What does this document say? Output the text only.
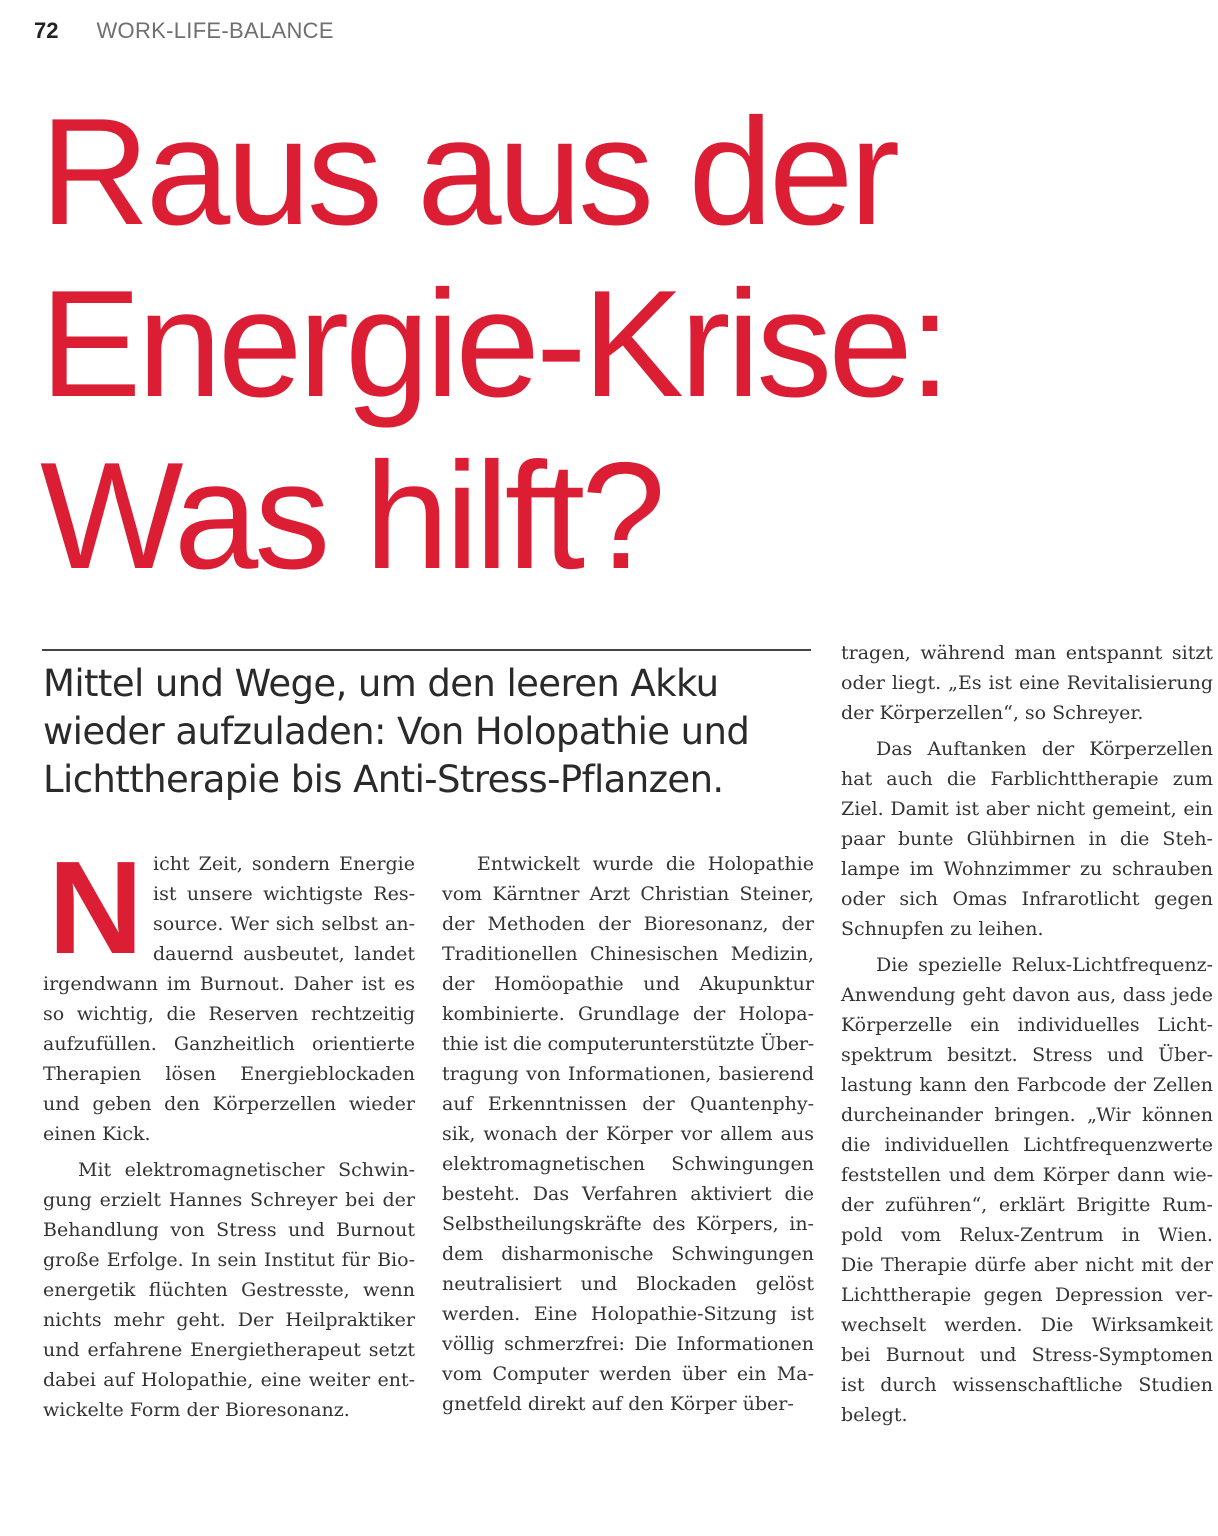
72 WORK-LIFE-BALANCE
Raus aus der
Energie-Krise:
Was hilft?
Mittel und Wege, um den leeren Akku
wieder aufzuladen: Von Holopathie und
Lichttherapie bis Anti-Stress-Pflanzen.
N icht Zeit, sondern Energie
ist unsere wichtigste Res-
source. Wer sich selbst an-
dauernd ausbeutet, landet
irgendwann im Burnout. Daher ist es
so wichtig, die Reserven rechtzeitig
aufzufüllen. Ganzheitlich orientierte
Therapien lösen Energieblockaden
und geben den Körperzellen wieder
einen Kick.
Mit elektromagnetischer Schwin-
gung erzielt Hannes Schreyer bei der
Behandlung von Stress und Burnout
große Erfolge. In sein Institut für Bio-
energetik flüchten Gestresste, wenn
nichts mehr geht. Der Heilpraktiker
und erfahrene Energietherapeut setzt
dabei auf Holopathie, eine weiter ent-
wickelte Form der Bioresonanz.
Entwickelt wurde die Holopathie
vom Kärntner Arzt Christian Steiner,
der Methoden der Bioresonanz, der
Traditionellen Chinesischen Medizin,
der Homöopathie und Akupunktur
kombinierte. Grundlage der Holopa-
thie ist die computerunterstützte Über-
tragung von Informationen, basierend
auf Erkenntnissen der Quantenphy-
sik, wonach der Körper vor allem aus
elektromagnetischen Schwingungen
besteht. Das Verfahren aktiviert die
Selbstheilungskräfte des Körpers, in-
dem disharmonische Schwingungen
neutralisiert und Blockaden gelöst
werden. Eine Holopathie-Sitzung ist
völlig schmerzfrei: Die Informationen
vom Computer werden über ein Ma-
gnetfeld direkt auf den Körper über-
tragen, während man entspannt sitzt
oder liegt. „Es ist eine Revitalisierung
der Körperzellen“, so Schreyer.
Das Auftanken der Körperzellen
hat auch die Farblichttherapie zum
Ziel. Damit ist aber nicht gemeint, ein
paar bunte Glühbirnen in die Steh-
lampe im Wohnzimmer zu schrauben
oder sich Omas Infrarotlicht gegen
Schnupfen zu leihen.
Die spezielle Relux-Lichtfrequenz-
Anwendung geht davon aus, dass jede
Körperzelle ein individuelles Licht-
spektrum besitzt. Stress und Über-
lastung kann den Farbcode der Zellen
durcheinander bringen. „Wir können
die individuellen Lichtfrequenzwerte
feststellen und dem Körper dann wie-
der zuführen“, erklärt Brigitte Rum-
pold vom Relux-Zentrum in Wien.
Die Therapie dürfe aber nicht mit der
Lichttherapie gegen Depression ver-
wechselt werden. Die Wirksamkeit
bei Burnout und Stress-Symptomen
ist durch wissenschaftliche Studien
belegt.
